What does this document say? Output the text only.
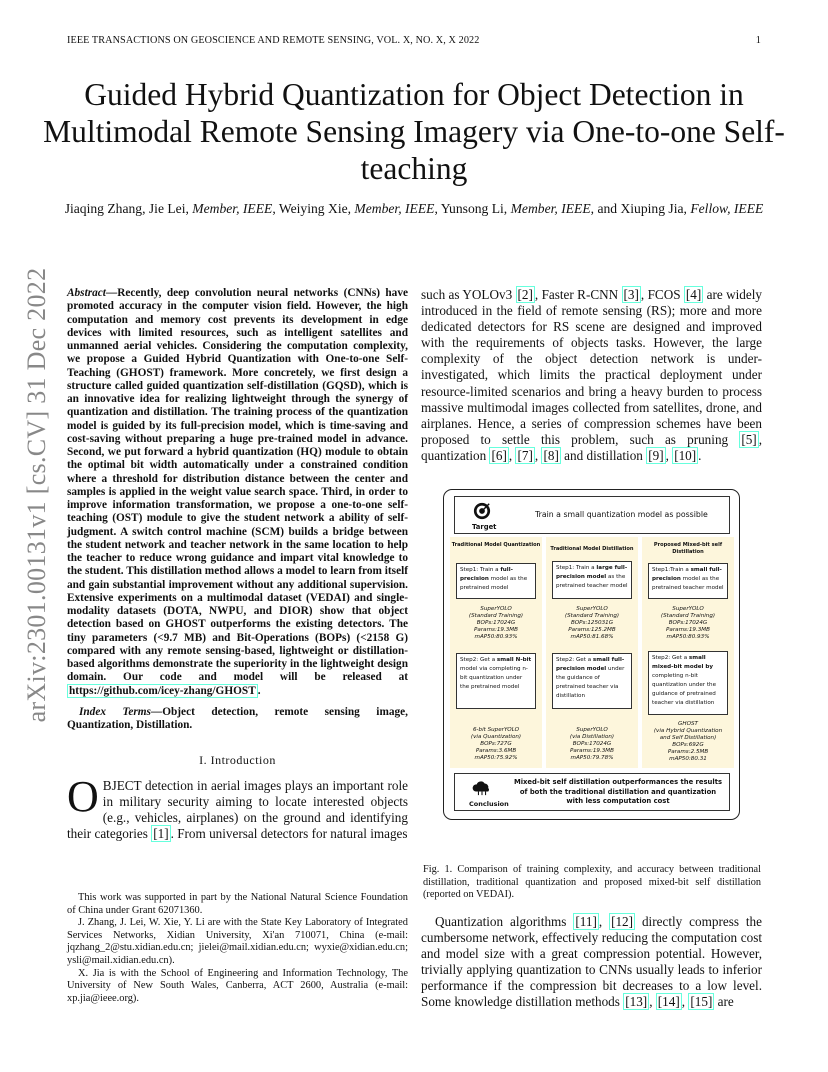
IEEE TRANSACTIONS ON GEOSCIENCE AND REMOTE SENSING, VOL. X, NO. X, X 2022	1
arXiv:2301.00131v1 [cs.CV] 31 Dec 2022
Guided Hybrid Quantization for Object Detection in Multimodal Remote Sensing Imagery via One-to-one Self-teaching
Jiaqing Zhang, Jie Lei, Member, IEEE, Weiying Xie, Member, IEEE, Yunsong Li, Member, IEEE, and Xiuping Jia, Fellow, IEEE

Abstract—Recently, deep convolution neural networks (CNNs) have promoted accuracy in the computer vision field. However, the high computation and memory cost prevents its development in edge devices with limited resources, such as intelligent satellites and unmanned aerial vehicles. Considering the computation complexity, we propose a Guided Hybrid Quantization with One-to-one Self-Teaching (GHOST) framework. More concretely, we first design a structure called guided quantization self-distillation (GQSD), which is an innovative idea for realizing lightweight through the synergy of quantization and distillation. The training process of the quantization model is guided by its full-precision model, which is time-saving and cost-saving without preparing a huge pre-trained model in advance. Second, we put forward a hybrid quantization (HQ) module to obtain the optimal bit width automatically under a constrained condition where a threshold for distribution distance between the center and samples is applied in the weight value search space. Third, in order to improve information transformation, we propose a one-to-one self-teaching (OST) module to give the student network a ability of self-judgment. A switch control machine (SCM) builds a bridge between the student network and teacher network in the same location to help the teacher to reduce wrong guidance and impart vital knowledge to the student. This distillation method allows a model to learn from itself and gain substantial improvement without any additional supervision. Extensive experiments on a multimodal dataset (VEDAI) and single-modality datasets (DOTA, NWPU, and DIOR) show that object detection based on GHOST outperforms the existing detectors. The tiny parameters (<9.7 MB) and Bit-Operations (BOPs) (<2158 G) compared with any remote sensing-based, lightweight or distillation-based algorithms demonstrate the superiority in the lightweight design domain. Our code and model will be released at https://github.com/icey-zhang/GHOST .

Index Terms—Object detection, remote sensing image, Quantization, Distillation.

I. Introduction

OBJECT detection in aerial images plays an important role in military security aiming to locate interested objects (e.g., vehicles, airplanes) on the ground and identifying their categories [1] . From universal detectors for natural images

This work was supported in part by the National Natural Science Foundation of China under Grant 62071360.

J. Zhang, J. Lei, W. Xie, Y. Li are with the State Key Laboratory of Integrated Services Networks, Xidian University, Xi'an 710071, China (e-mail: jqzhang_2@stu.xidian.edu.cn; jielei@mail.xidian.edu.cn; wyxie@xidian.edu.cn; ysli@mail.xidian.edu.cn).

X. Jia is with the School of Engineering and Information Technology, The University of New South Wales, Canberra, ACT 2600, Australia (e-mail: xp.jia@ieee.org).

such as YOLOv3 [2] , Faster R-CNN [3] , FCOS [4] are widely introduced in the field of remote sensing (RS); more and more dedicated detectors for RS scene are designed and improved with the requirements of objects tasks. However, the large complexity of the object detection network is under-investigated, which limits the practical deployment under resource-limited scenarios and bring a heavy burden to process massive multimodal images collected from satellites, drone, and airplanes. Hence, a series of compression schemes have been proposed to settle this problem, such as pruning [5] , quantization [6] , [7] , [8] and distillation [9] , [10] .

Target
Train a small quantization model as possible
Traditional Model Quantization
Step1: Train a full-precision model as the pretrained model
SuperYOLO
(Standard Training)
BOPs:17024G
Params:19.3MB
mAP50:80.93%
Step2: Get a small N-bit model via completing n-bit quantization under the pretrained model
6-bit SuperYOLO
(via Quantization)
BOPs:727G
Params:3.6MB
mAP50:75.92%
Traditional Model Distillation
Step1: Train a large full-precision model as the pretrained teacher model
SuperYOLO
(Standard Training)
BOPs:125031G
Params:125.2MB
mAP50:81.68%
Step2: Get a small full-precision model under the guidance of pretrained teacher via distillation
SuperYOLO
(via Distillation)
BOPs:17024G
Params:19.3MB
mAP50:79.78%
Proposed Mixed-bit self Distillation
Step1:Train a small full-precision model as the pretrained teacher model
SuperYOLO
(Standard Training)
BOPs:17024G
Params:19.3MB
mAP50:80.93%
Step2: Get a small mixed-bit model by completing n-bit quantization under the guidance of pretrained teacher via distillation
GHOST
(via Hybrid Quantization
and Self Distillation)
BOPs:692G
Params:2.5MB
mAP50:80.31
Conclusion
Mixed-bit self distillation outperformances the results of both the traditional distillation and quantization with less computation cost

Fig. 1. Comparison of training complexity, and accuracy between traditional distillation, traditional quantization and proposed mixed-bit self distillation (reported on VEDAI).

Quantization algorithms [11] , [12] directly compress the cumbersome network, effectively reducing the computation cost and model size with a great compression potential. However, trivially applying quantization to CNNs usually leads to inferior performance if the compression bit decreases to a low level. Some knowledge distillation methods [13] , [14] , [15] are
